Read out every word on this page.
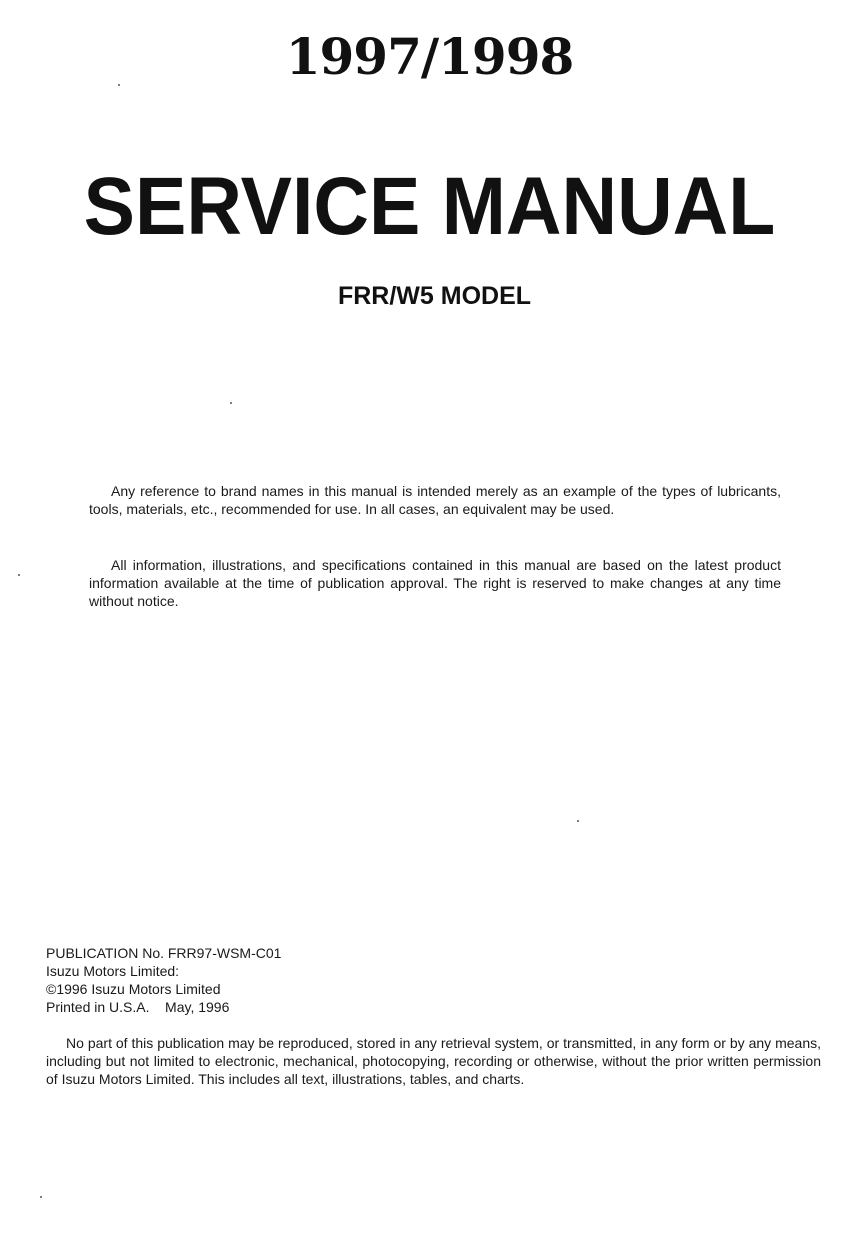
1997/1998
SERVICE MANUAL
FRR/W5 MODEL
Any reference to brand names in this manual is intended merely as an example of the types of lubricants, tools, materials, etc., recommended for use. In all cases, an equivalent may be used.
All information, illustrations, and specifications contained in this manual are based on the latest product information available at the time of publication approval. The right is reserved to make changes at any time without notice.
PUBLICATION No. FRR97-WSM-C01
Isuzu Motors Limited:
©1996 Isuzu Motors Limited
Printed in U.S.A.    May, 1996
No part of this publication may be reproduced, stored in any retrieval system, or transmitted, in any form or by any means, including but not limited to electronic, mechanical, photocopying, recording or otherwise, without the prior written permission of Isuzu Motors Limited. This includes all text, illustrations, tables, and charts.
